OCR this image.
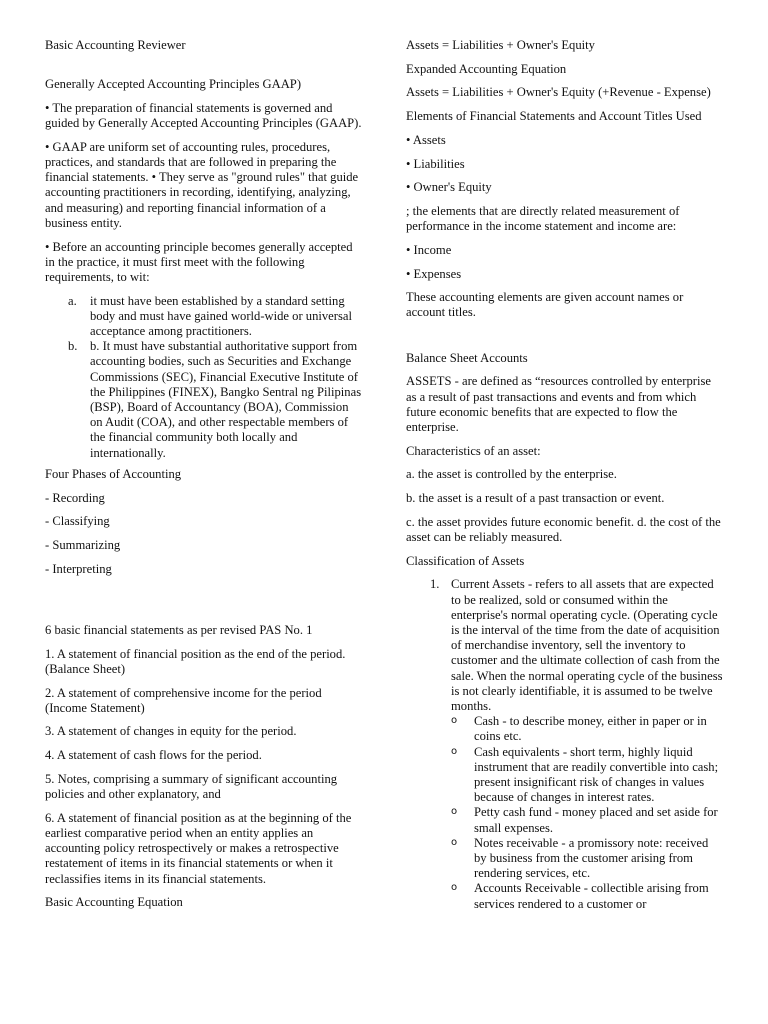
Basic Accounting Reviewer

Generally Accepted Accounting Principles GAAP)

• The preparation of financial statements is governed and guided by Generally Accepted Accounting Principles (GAAP).

• GAAP are uniform set of accounting rules, procedures, practices, and standards that are followed in preparing the financial statements. • They serve as "ground rules" that guide accounting practitioners in recording, identifying, analyzing, and measuring) and reporting financial information of a business entity.

• Before an accounting principle becomes generally accepted in the practice, it must first meet with the following requirements, to wit:

a. it must have been established by a standard setting body and must have gained world-wide or universal acceptance among practitioners.
b. b. It must have substantial authoritative support from accounting bodies, such as Securities and Exchange Commissions (SEC), Financial Executive Institute of the Philippines (FINEX), Bangko Sentral ng Pilipinas (BSP), Board of Accountancy (BOA), Commission on Audit (COA), and other respectable members of the financial community both locally and internationally.

Four Phases of Accounting

- Recording

- Classifying

- Summarizing

- Interpreting

6 basic financial statements as per revised PAS No. 1

1. A statement of financial position as the end of the period. (Balance Sheet)

2. A statement of comprehensive income for the period (Income Statement)

3. A statement of changes in equity for the period.

4. A statement of cash flows for the period.

5. Notes, comprising a summary of significant accounting policies and other explanatory, and

6. A statement of financial position as at the beginning of the earliest comparative period when an entity applies an accounting policy retrospectively or makes a retrospective restatement of items in its financial statements or when it reclassifies items in its financial statements.

Basic Accounting Equation

Assets = Liabilities + Owner's Equity

Expanded Accounting Equation

Assets = Liabilities + Owner's Equity (+Revenue - Expense)

Elements of Financial Statements and Account Titles Used

• Assets

• Liabilities

• Owner's Equity

; the elements that are directly related measurement of performance in the income statement and income are:

• Income

• Expenses

These accounting elements are given account names or account titles.

Balance Sheet Accounts

ASSETS - are defined as “resources controlled by enterprise as a result of past transactions and events and from which future economic benefits that are expected to flow the enterprise.

Characteristics of an asset:

a. the asset is controlled by the enterprise.

b. the asset is a result of a past transaction or event.

c. the asset provides future economic benefit. d. the cost of the asset can be reliably measured.

Classification of Assets

1. Current Assets - refers to all assets that are expected to be realized, sold or consumed within the enterprise's normal operating cycle. (Operating cycle is the interval of the time from the date of acquisition of merchandise inventory, sell the inventory to customer and the ultimate collection of cash from the sale. When the normal operating cycle of the business is not clearly identifiable, it is assumed to be twelve months.
o Cash - to describe money, either in paper or in coins etc.
o Cash equivalents - short term, highly liquid instrument that are readily convertible into cash; present insignificant risk of changes in values because of changes in interest rates.
o Petty cash fund - money placed and set aside for small expenses.
o Notes receivable - a promissory note: received by business from the customer arising from rendering services, etc.
o Accounts Receivable - collectible arising from services rendered to a customer or
